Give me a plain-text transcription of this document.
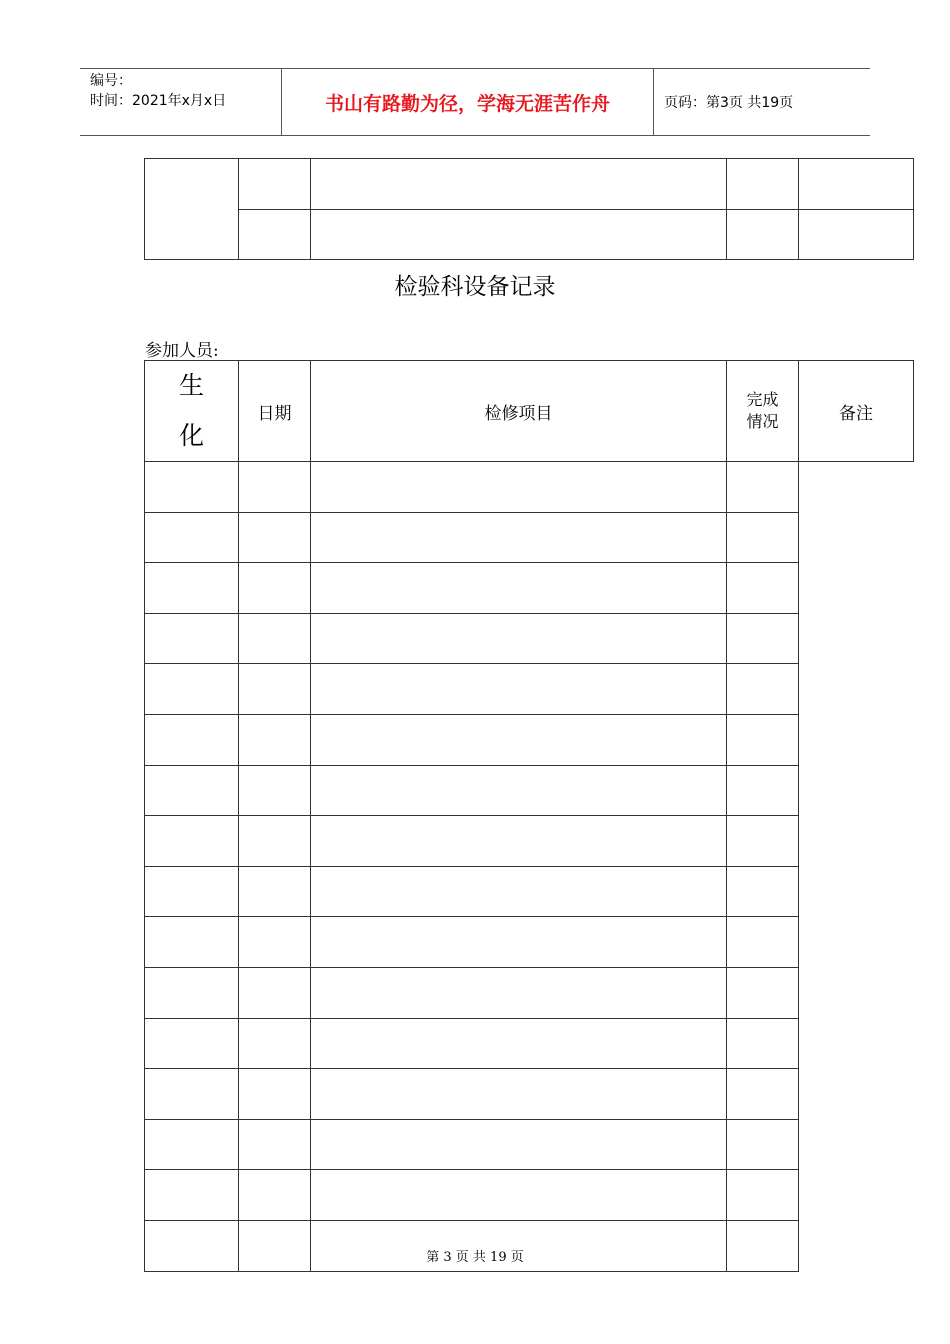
编号：
时间：2021年x月x日	书山有路勤为径，学海无涯苦作舟	页码：第3页 共19页

检验科设备记录
参加人员:
生
化	日期	检修项目	完成情况	备注

第 3 页 共 19 页
